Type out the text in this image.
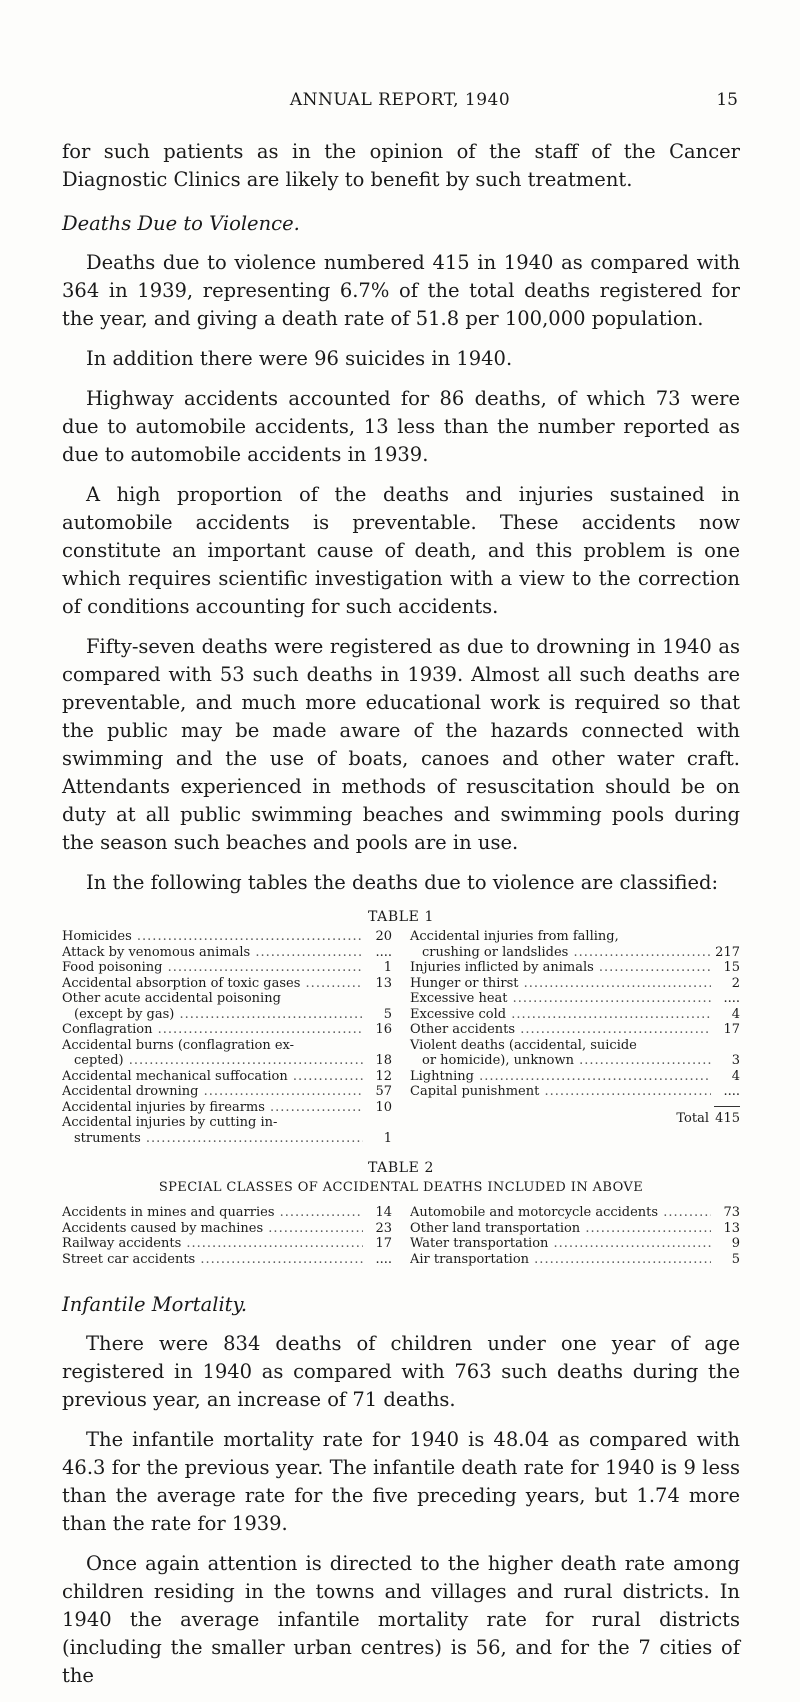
ANNUAL REPORT, 1940	15

for such patients as in the opinion of the staff of the Cancer Diagnostic Clinics are likely to benefit by such treatment.

Deaths Due to Violence.

Deaths due to violence numbered 415 in 1940 as compared with 364 in 1939, representing 6.7% of the total deaths registered for the year, and giving a death rate of 51.8 per 100,000 population.

In addition there were 96 suicides in 1940.

Highway accidents accounted for 86 deaths, of which 73 were due to automobile accidents, 13 less than the number reported as due to automobile accidents in 1939.

A high proportion of the deaths and injuries sustained in automobile accidents is preventable. These accidents now constitute an important cause of death, and this problem is one which requires scientific investigation with a view to the correction of conditions accounting for such accidents.

Fifty-seven deaths were registered as due to drowning in 1940 as compared with 53 such deaths in 1939. Almost all such deaths are preventable, and much more educational work is required so that the public may be made aware of the hazards connected with swimming and the use of boats, canoes and other water craft. Attendants experienced in methods of resuscitation should be on duty at all public swimming beaches and swimming pools during the season such beaches and pools are in use.

In the following tables the deaths due to violence are classified:

TABLE 1
Homicides .....	20
Attack by venomous animals .....	....
Food poisoning .....	1
Accidental absorption of toxic gases .....	13
Other acute accidental poisoning
(except by gas) .....	5
Conflagration .....	16
Accidental burns (conflagration ex-
cepted) .....	18
Accidental mechanical suffocation .....	12
Accidental drowning .....	57
Accidental injuries by firearms .....	10
Accidental injuries by cutting in-
struments .....	1
Accidental injuries from falling,
crushing or landslides .....	217
Injuries inflicted by animals .....	15
Hunger or thirst .....	2
Excessive heat .....	....
Excessive cold .....	4
Other accidents .....	17
Violent deaths (accidental, suicide
or homicide), unknown .....	3
Lightning .....	4
Capital punishment .....	....
Total 415
TABLE 2
SPECIAL CLASSES OF ACCIDENTAL DEATHS INCLUDED IN ABOVE
Accidents in mines and quarries .....	14
Accidents caused by machines .....	23
Railway accidents .....	17
Street car accidents .....	....
Automobile and motorcycle accidents .....	73
Other land transportation .....	13
Water transportation .....	9
Air transportation .....	5
Infantile Mortality.

There were 834 deaths of children under one year of age registered in 1940 as compared with 763 such deaths during the previous year, an increase of 71 deaths.

The infantile mortality rate for 1940 is 48.04 as compared with 46.3 for the previous year. The infantile death rate for 1940 is 9 less than the average rate for the five preceding years, but 1.74 more than the rate for 1939.

Once again attention is directed to the higher death rate among children residing in the towns and villages and rural districts. In 1940 the average infantile mortality rate for rural districts (including the smaller urban centres) is 56, and for the 7 cities of the
